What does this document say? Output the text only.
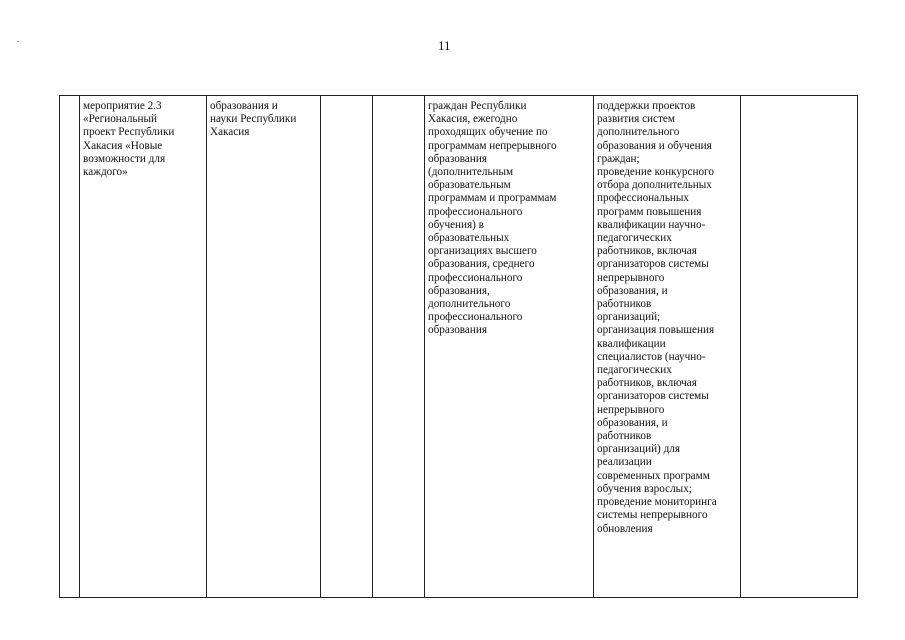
11
	мероприятие 2.3
«Региональный
проект Республики
Хакасия «Новые
возможности для
каждого»	образования и
науки Республики
Хакасия			граждан Республики
Хакасия, ежегодно
проходящих обучение по
программам непрерывного
образования
(дополнительным
образовательным
программам и программам
профессионального
обучения) в
образовательных
организациях высшего
образования, среднего
профессионального
образования,
дополнительного
профессионального
образования	поддержки проектов
развития систем
дополнительного
образования и обучения
граждан;
проведение конкурсного
отбора дополнительных
профессиональных
программ повышения
квалификации научно-
педагогических
работников, включая
организаторов системы
непрерывного
образования, и
работников
организаций;
организация повышения
квалификации
специалистов (научно-
педагогических
работников, включая
организаторов системы
непрерывного
образования, и
работников
организаций) для
реализации
современных программ
обучения взрослых;
проведение мониторинга
системы непрерывного
обновления	
